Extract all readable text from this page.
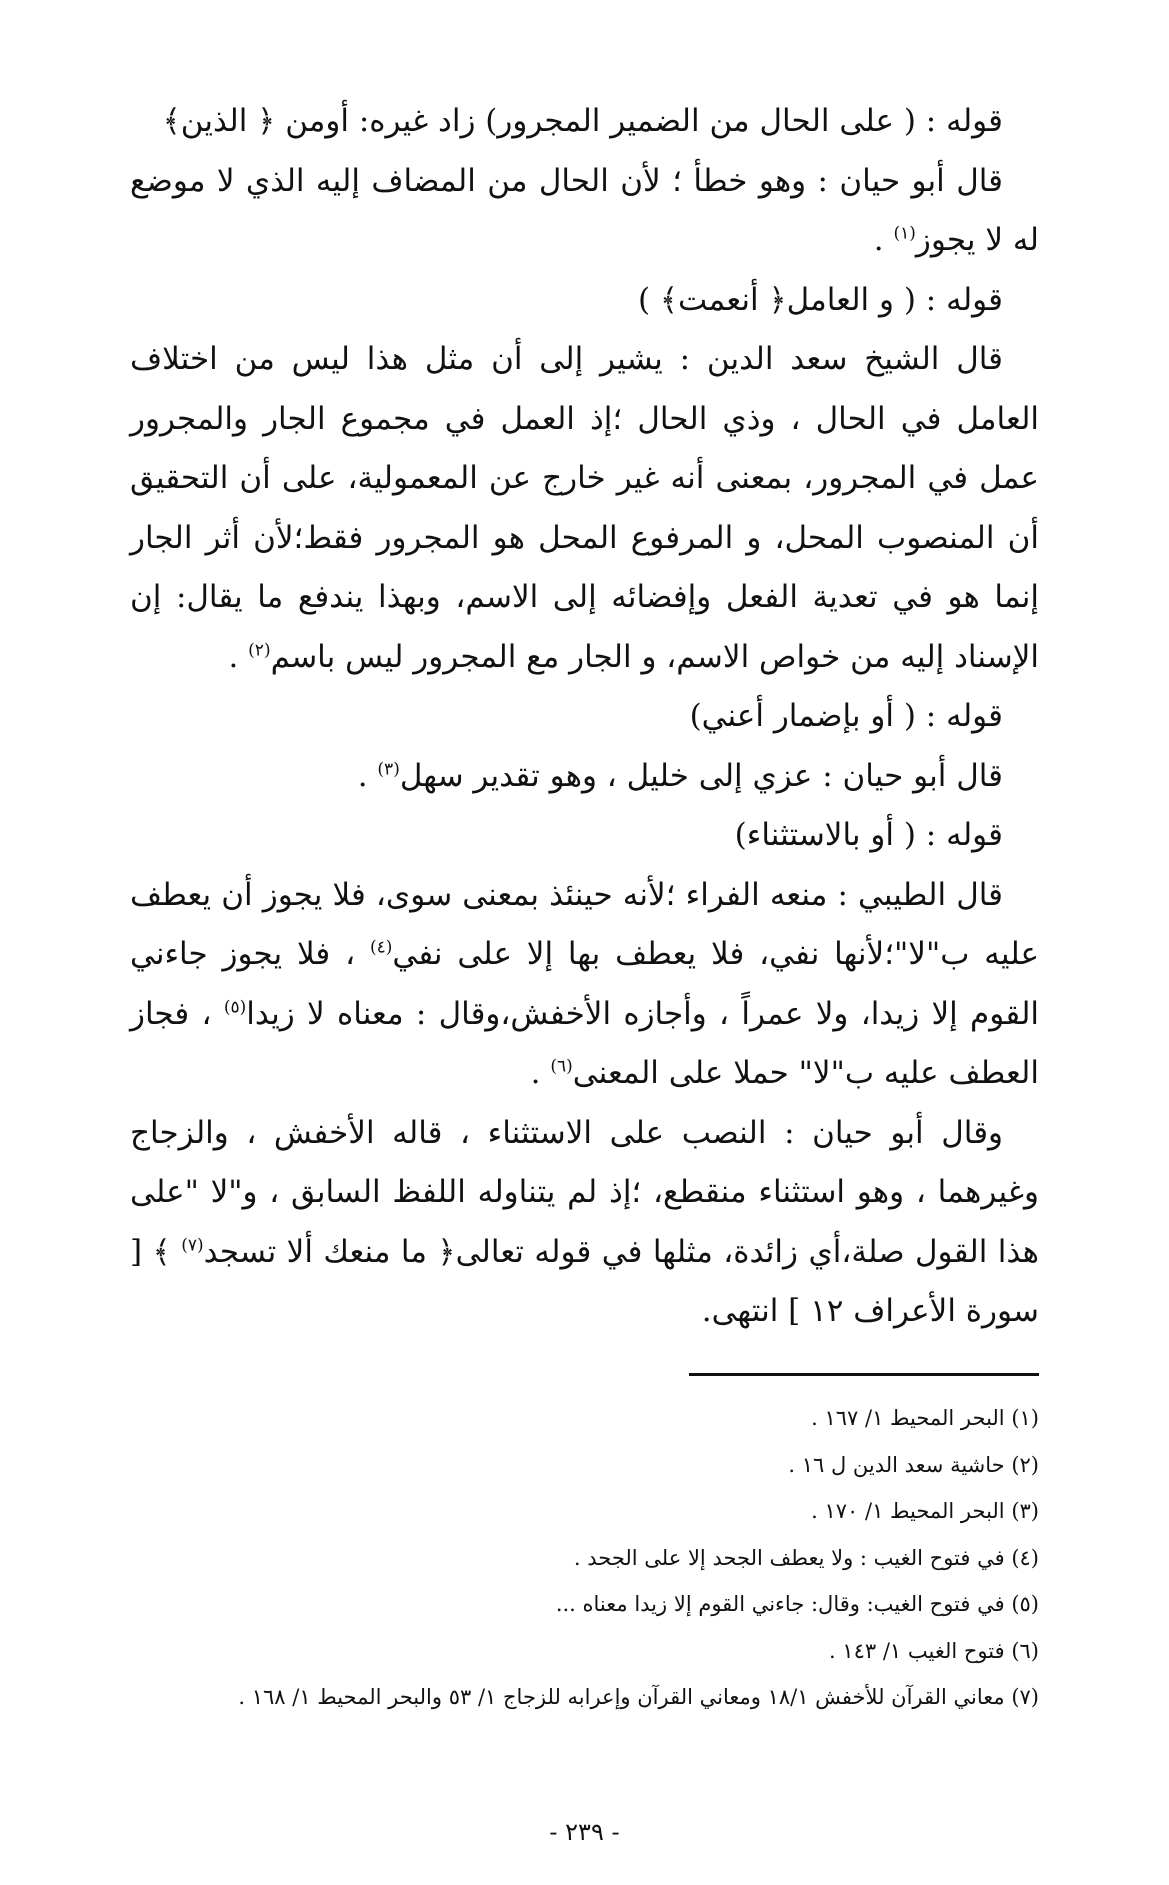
قوله : ( على الحال من الضمير المجرور) زاد غيره: أومن ﴿ الذين﴾

قال أبو حيان : وهو خطأ ؛ لأن الحال من المضاف إليه الذي لا موضع له لا يجوز$^{(١)}$ .

قوله : ( و العامل﴿ أنعمت﴾ )

قال الشيخ سعد الدين : يشير إلى أن مثل هذا ليس من اختلاف العامل في الحال ، وذي الحال ؛إذ العمل في مجموع الجار والمجرور عمل في المجرور، بمعنى أنه غير خارج عن المعمولية، على أن التحقيق أن المنصوب المحل، و المرفوع المحل هو المجرور فقط؛لأن أثر الجار إنما هو في تعدية الفعل وإفضائه إلى الاسم، وبهذا يندفع ما يقال: إن الإسناد إليه من خواص الاسم، و الجار مع المجرور ليس باسم$^{(٢)}$ .

قوله : ( أو بإضمار أعني)

قال أبو حيان : عزي إلى خليل ، وهو تقدير سهل$^{(٣)}$ .

قوله : ( أو بالاستثناء)

قال الطيبي : منعه الفراء ؛لأنه حينئذ بمعنى سوى، فلا يجوز أن يعطف عليه ب"لا"؛لأنها نفي، فلا يعطف بها إلا على نفي$^{(٤)}$ ، فلا يجوز جاءني القوم إلا زيدا، ولا عمراً ، وأجازه الأخفش،وقال : معناه لا زيدا$^{(٥)}$ ، فجاز العطف عليه ب"لا" حملا على المعنى$^{(٦)}$ .

وقال أبو حيان : النصب على الاستثناء ، قاله الأخفش ، والزجاج وغيرهما ، وهو استثناء منقطع، ؛إذ لم يتناوله اللفظ السابق ، و"لا "على هذا القول صلة،أي زائدة، مثلها في قوله تعالى﴿ ما منعك ألا تسجد$^{(٧)}$ ﴾ [ سورة الأعراف ١٢ ] انتهى.

(١) البحر المحيط ١/ ١٦٧ .
(٢) حاشية سعد الدين ل ١٦ .
(٣) البحر المحيط ١/ ١٧٠ .
(٤) في فتوح الغيب : ولا يعطف الجحد إلا على الجحد .
(٥) في فتوح الغيب: وقال: جاءني القوم إلا زيدا معناه ...
(٦) فتوح الغيب ١/ ١٤٣ .
(٧) معاني القرآن للأخفش ١٨/١ ومعاني القرآن وإعرابه للزجاج ١/ ٥٣ والبحر المحيط ١/ ١٦٨ .
- ٢٣٩ -
